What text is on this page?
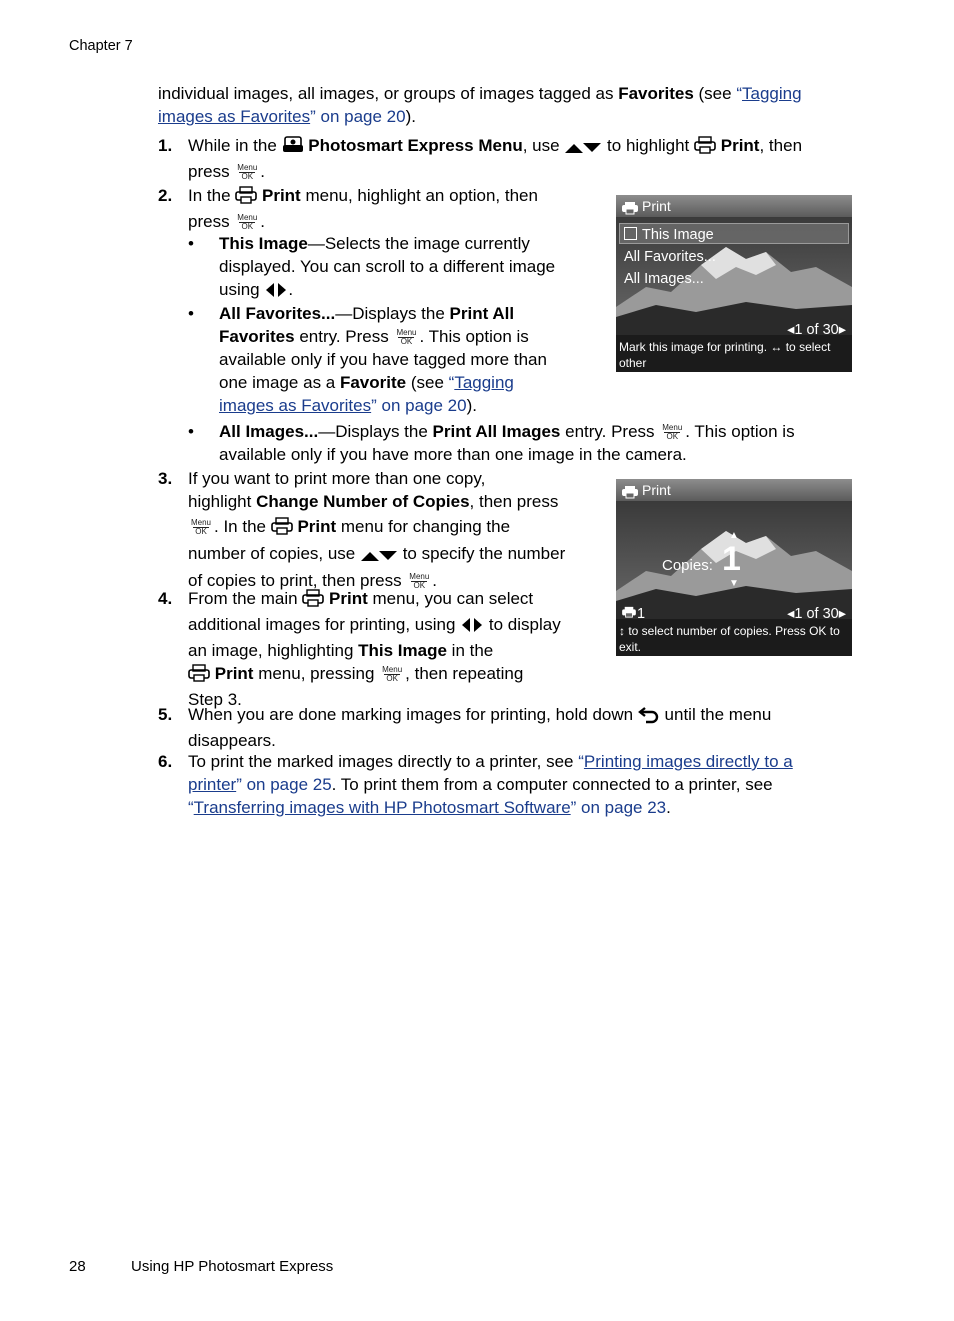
Chapter 7
individual images, all images, or groups of images tagged as Favorites (see “Tagging
images as Favorites” on page 20).
1. While in the  Photosmart Express Menu, use  to highlight  Print, then
press Menu
OK .
2. In the  Print menu, highlight an option, then
press Menu
OK .
• This Image—Selects the image currently
displayed. You can scroll to a different image
using .
• All Favorites...—Displays the Print All
Favorites entry. Press Menu
OK . This option is
available only if you have tagged more than
one image as a Favorite (see “Tagging
images as Favorites” on page 20).
• All Images...—Displays the Print All Images entry. Press Menu
OK . This option is
available only if you have more than one image in the camera.
3. If you want to print more than one copy,
highlight Change Number of Copies, then press
Menu
OK . In the  Print menu for changing the
number of copies, use  to specify the number
of copies to print, then press Menu
OK .
4. From the main  Print menu, you can select
additional images for printing, using  to display
an image, highlighting This Image in the
Print menu, pressing Menu
OK , then repeating
Step 3.
5. When you are done marking images for printing, hold down  until the menu
disappears.
6. To print the marked images directly to a printer, see “Printing images directly to a
printer” on page 25. To print them from a computer connected to a printer, see
“Transferring images with HP Photosmart Software” on page 23.
Print
This Image
All Favorites...
All Images...
◂1 of 30▸
Mark this image for printing. ↔ to select other
images.
Print
Copies:
▲
1
▼
1	◂1 of 30▸
↕ to select number of copies. Press OK to
exit.
28	Using HP Photosmart Express
